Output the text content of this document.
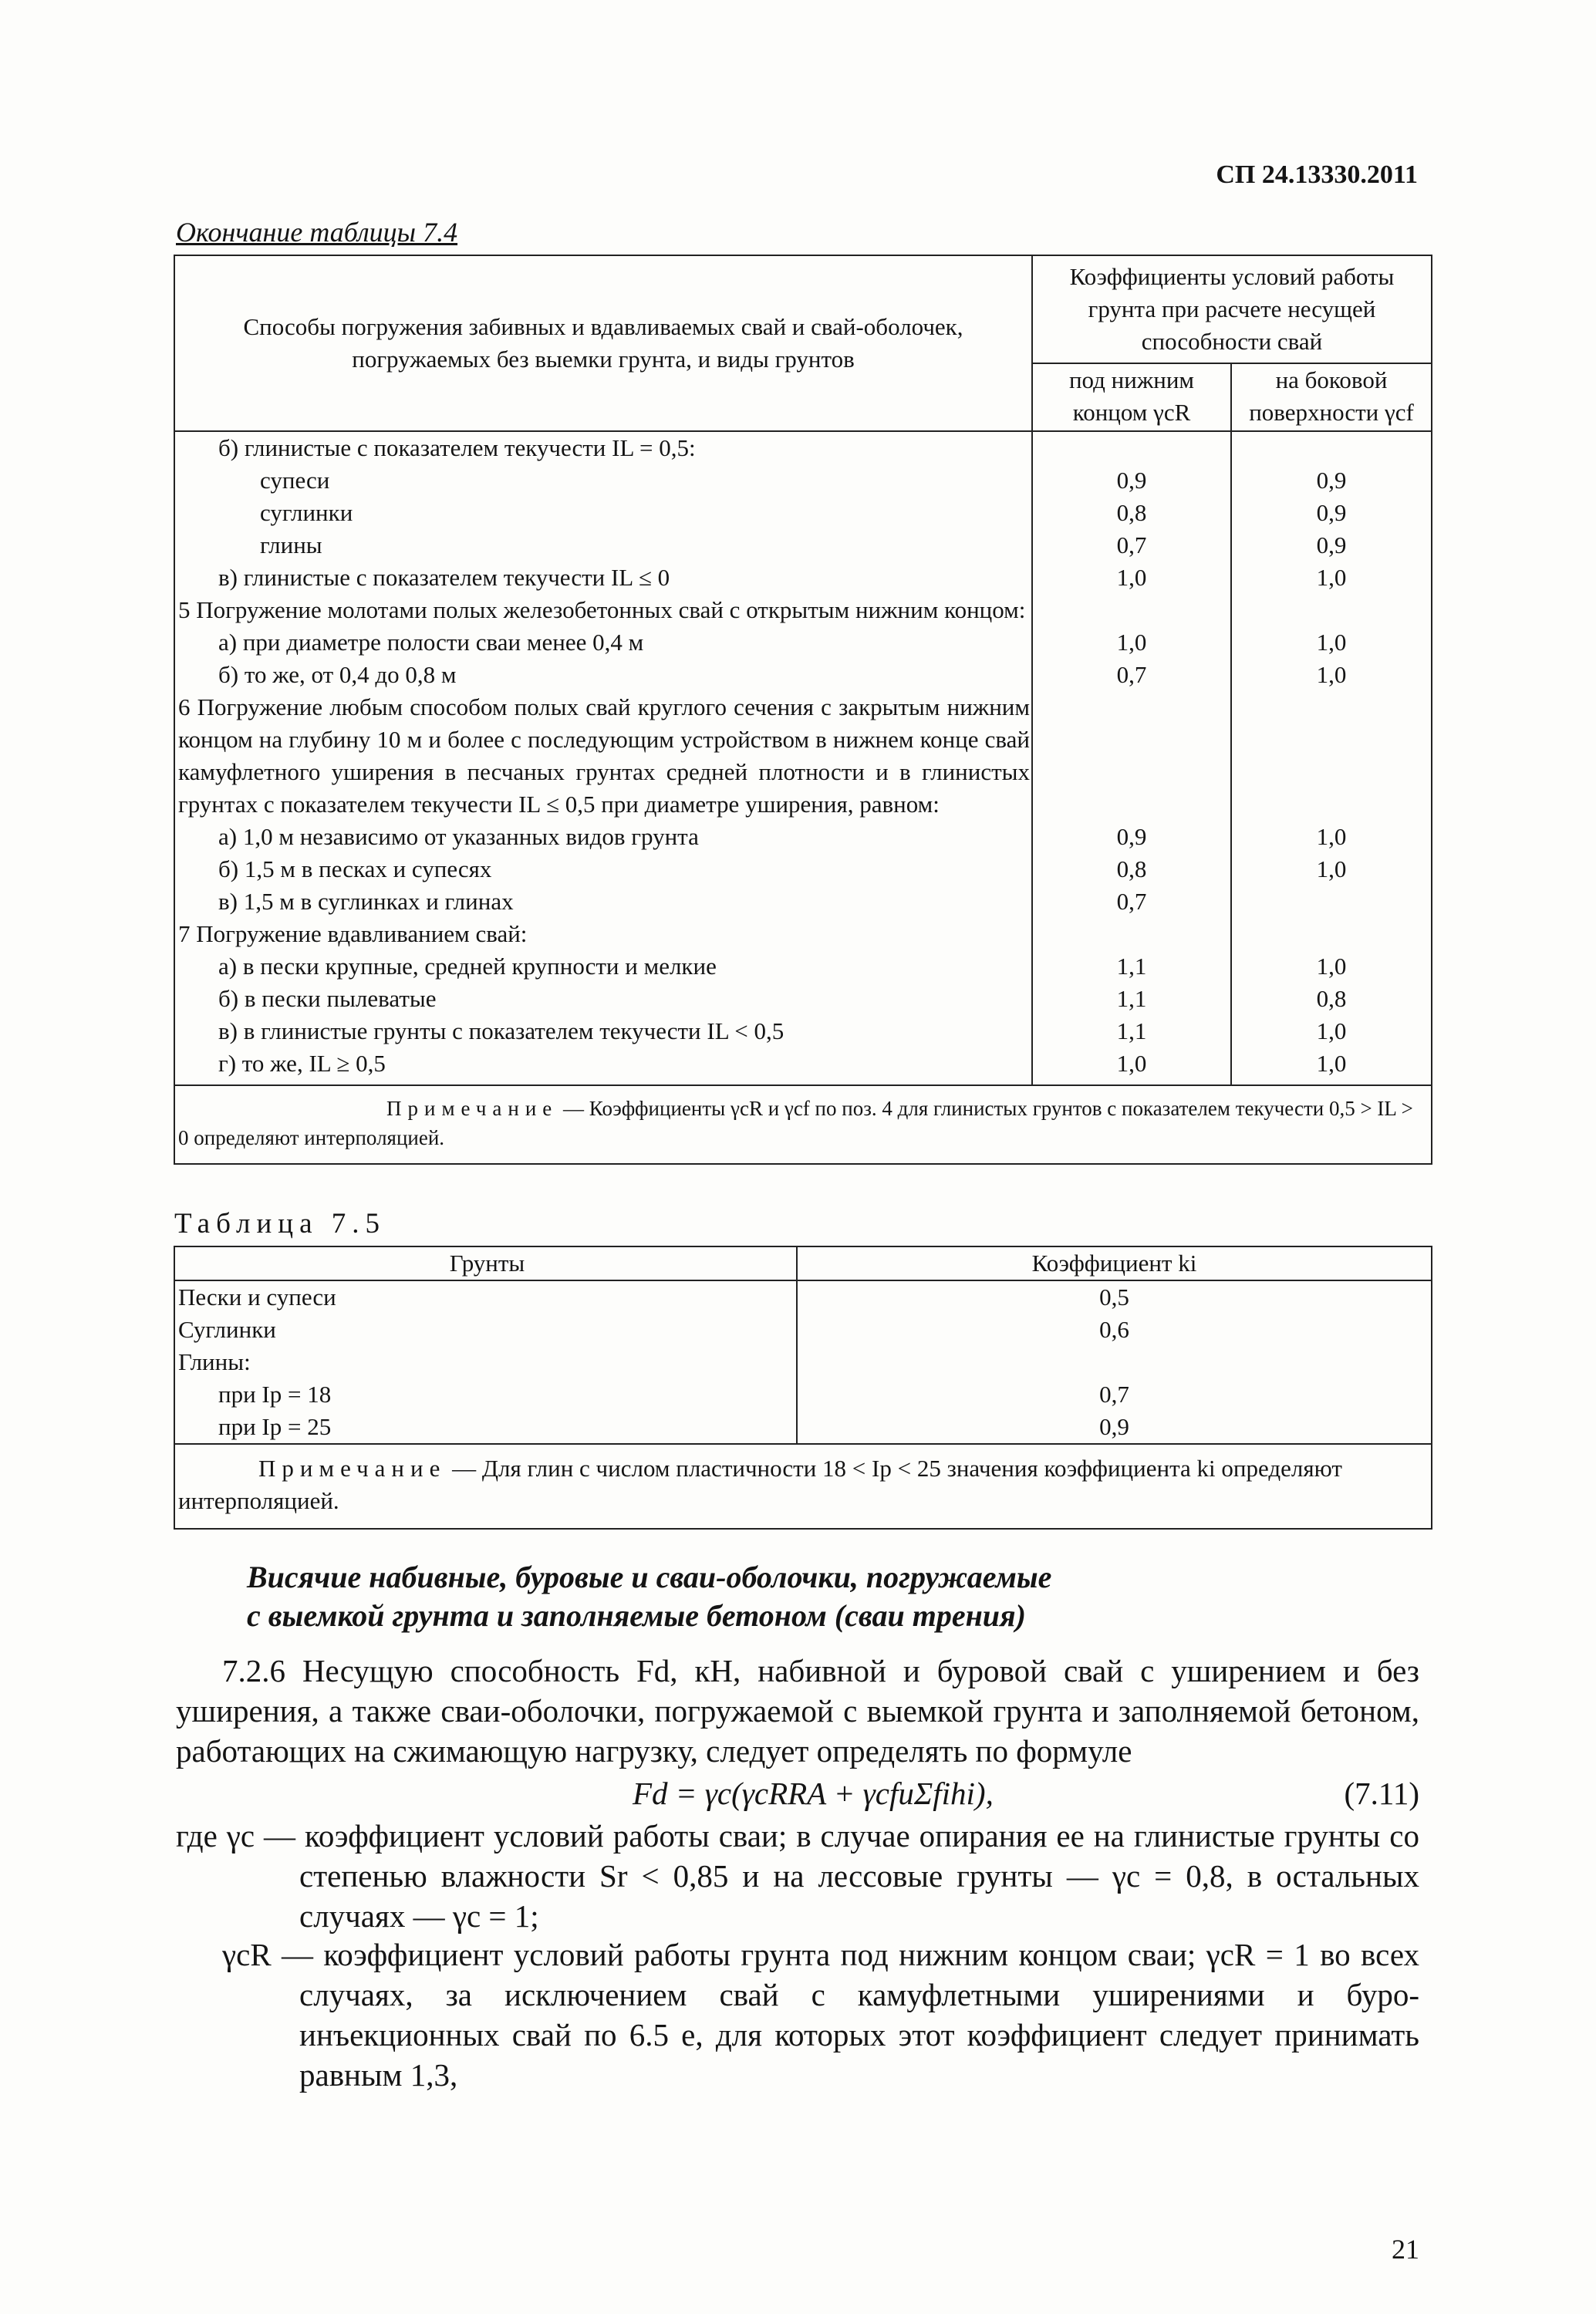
СП 24.13330.2011
Окончание таблицы 7.4
Способы погружения забивных и вдавливаемых свай и свай-оболочек, погружаемых без выемки грунта, и виды грунтов	Коэффициенты условий работы грунта при расчете несущей способности свай	
	под нижним концом γcR	на боковой поверхности γcf
б) глинистые с показателем текучести IL = 0,5:		
супеси	0,9	0,9
суглинки	0,8	0,9
глины	0,7	0,9
в) глинистые с показателем текучести IL ≤ 0	1,0	1,0
5 Погружение молотами полых железобетонных свай с открытым нижним концом:		
а) при диаметре полости сваи менее 0,4 м	1,0	1,0
б) то же, от 0,4 до 0,8 м	0,7	1,0
6 Погружение любым способом полых свай круглого сечения с закрытым нижним концом на глубину 10 м и более с последующим устройством в нижнем конце свай камуфлетного уширения в песчаных грунтах средней плотности и в глинистых грунтах с показателем текучести IL ≤ 0,5 при диаметре уширения, равном:		
а) 1,0 м независимо от указанных видов грунта	0,9	1,0
б) 1,5 м в песках и супесях	0,8	1,0
в) 1,5 м в суглинках и глинах	0,7	
7 Погружение вдавливанием свай:		
а) в пески крупные, средней крупности и мелкие	1,1	1,0
б) в пески пылеватые	1,1	0,8
в) в глинистые грунты с показателем текучести IL < 0,5	1,1	1,0
г) то же, IL ≥ 0,5	1,0	1,0
Примечание — Коэффициенты γcR и γcf по поз. 4 для глинистых грунтов с показателем текучести 0,5 > IL > 0 определяют интерполяцией.		
Таблица 7.5
Грунты	Коэффициент ki
Пески и супеси	0,5
Суглинки	0,6
Глины:	
при Ip = 18	0,7
при Ip = 25	0,9
Примечание — Для глин с числом пластичности 18 < Ip < 25 значения коэффициента ki определяют интерполяцией.	
Висячие набивные, буровые и сваи-оболочки, погружаемые
с выемкой грунта и заполняемые бетоном (сваи трения)
7.2.6 Несущую способность Fd, кН, набивной и буровой свай с уширением и без уширения, а также сваи-оболочки, погружаемой с выемкой грунта и заполняемой бетоном, работающих на сжимающую нагрузку, следует определять по формуле
Fd = γc(γcRRA + γcfuΣfihi),	(7.11)
где γc — коэффициент условий работы сваи; в случае опирания ее на глинистые грунты со степенью влажности Sr < 0,85 и на лессовые грунты — γc = 0,8, в остальных случаях — γc = 1;
γcR — коэффициент условий работы грунта под нижним концом сваи; γcR = 1 во всех случаях, за исключением свай с камуфлетными уширениями и буро-инъекционных свай по 6.5 е, для которых этот коэффициент следует принимать равным 1,3,
21
